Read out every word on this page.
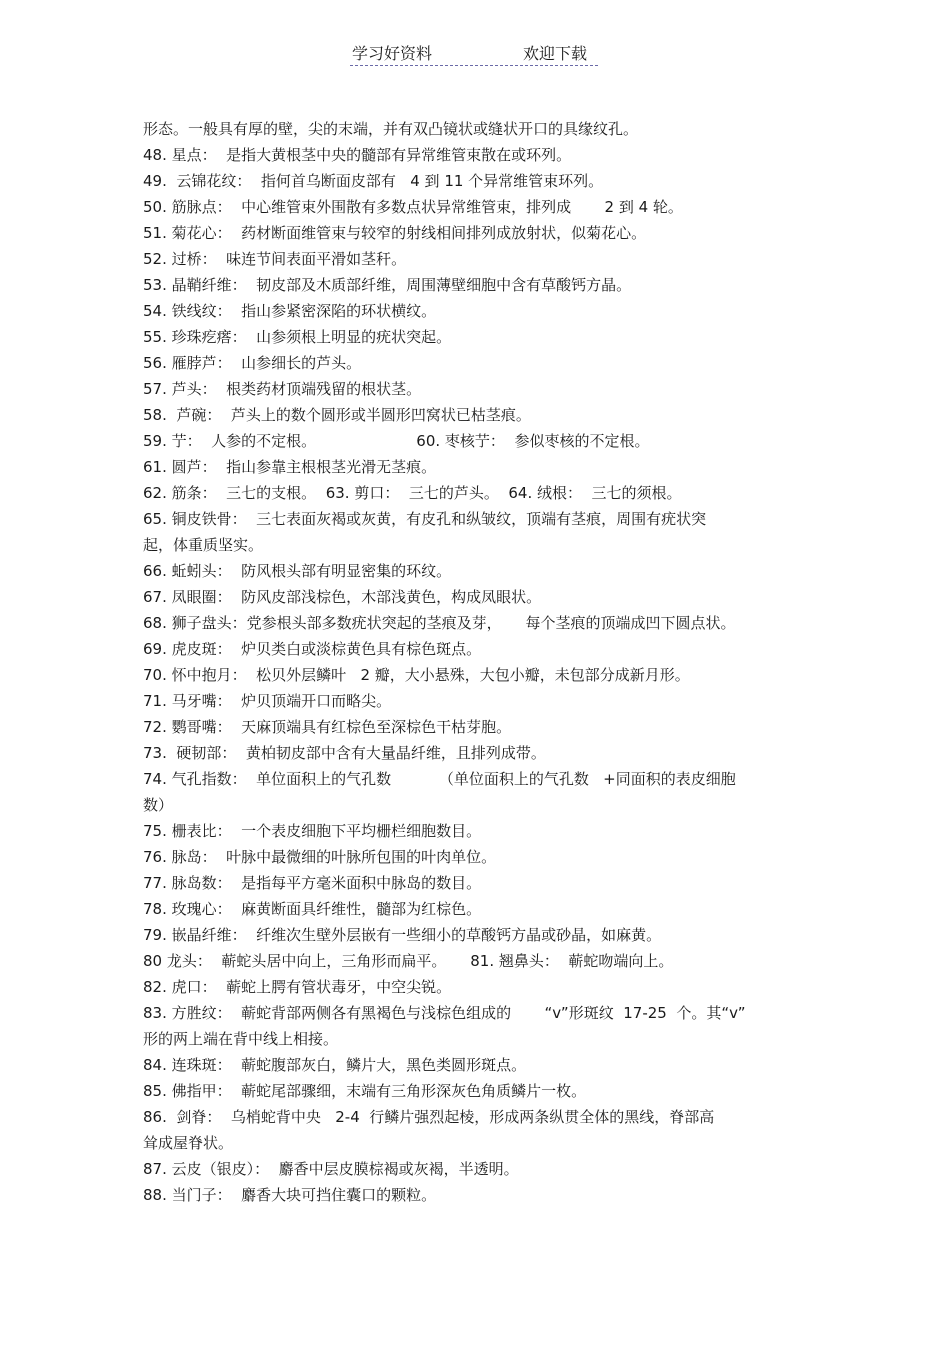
学习好资料	欢迎下载
形态。一般具有厚的壁，尖的末端，并有双凸镜状或缝状开口的具缘纹孔。
48. 星点：  是指大黄根茎中央的髓部有异常维管束散在或环列。
49.  云锦花纹：  指何首乌断面皮部有   4 到 11 个异常维管束环列。
50. 筋脉点：  中心维管束外围散有多数点状异常维管束，排列成       2 到 4 轮。
51. 菊花心：  药材断面维管束与较窄的射线相间排列成放射状，似菊花心。
52. 过桥：  味连节间表面平滑如茎秆。
53. 晶鞘纤维：  韧皮部及木质部纤维，周围薄壁细胞中含有草酸钙方晶。
54. 铁线纹：  指山参紧密深陷的环状横纹。
55. 珍珠疙瘩：  山参须根上明显的疣状突起。
56. 雁脖芦：  山参细长的芦头。
57. 芦头：  根类药材顶端残留的根状茎。
58.  芦碗：  芦头上的数个圆形或半圆形凹窝状已枯茎痕。
59. 艼：  人参的不定根。                     60. 枣核艼：  参似枣核的不定根。
61. 圆芦：  指山参靠主根根茎光滑无茎痕。
62. 筋条：  三七的支根。  63. 剪口：  三七的芦头。  64. 绒根：  三七的须根。
65. 铜皮铁骨：  三七表面灰褐或灰黄，有皮孔和纵皱纹，顶端有茎痕，周围有疣状突
起，体重质坚实。
66. 蚯蚓头：  防风根头部有明显密集的环纹。
67. 凤眼圈：  防风皮部浅棕色，木部浅黄色，构成凤眼状。
68. 狮子盘头：党参根头部多数疣状突起的茎痕及芽，     每个茎痕的顶端成凹下圆点状。
69. 虎皮斑：  炉贝类白或淡棕黄色具有棕色斑点。
70. 怀中抱月：  松贝外层鳞叶   2 瓣，大小悬殊，大包小瓣，未包部分成新月形。
71. 马牙嘴：  炉贝顶端开口而略尖。
72. 鹦哥嘴：  天麻顶端具有红棕色至深棕色干枯芽胞。
73.  硬韧部：  黄柏韧皮部中含有大量晶纤维，且排列成带。
74. 气孔指数：  单位面积上的气孔数          （单位面积上的气孔数   +同面积的表皮细胞
数）
75. 栅表比：  一个表皮细胞下平均栅栏细胞数目。
76. 脉岛：  叶脉中最微细的叶脉所包围的叶肉单位。
77. 脉岛数：  是指每平方毫米面积中脉岛的数目。
78. 玫瑰心：  麻黄断面具纤维性，髓部为红棕色。
79. 嵌晶纤维：  纤维次生壁外层嵌有一些细小的草酸钙方晶或砂晶，如麻黄。
80 龙头：  蕲蛇头居中向上，三角形而扁平。     81. 翘鼻头：  蕲蛇吻端向上。
82. 虎口：  蕲蛇上腭有管状毒牙，中空尖锐。
83. 方胜纹：  蕲蛇背部两侧各有黑褐色与浅棕色组成的       “v”形斑纹  17-25  个。其“v”
形的两上端在背中线上相接。
84. 连珠斑：  蕲蛇腹部灰白，鳞片大，黑色类圆形斑点。
85. 佛指甲：  蕲蛇尾部骤细，末端有三角形深灰色角质鳞片一枚。
86.  剑脊：  乌梢蛇背中央   2-4  行鳞片强烈起棱，形成两条纵贯全体的黑线，脊部高
耸成屋脊状。
87. 云皮（银皮）：  麝香中层皮膜棕褐或灰褐，半透明。
88. 当门子：  麝香大块可挡住囊口的颗粒。
